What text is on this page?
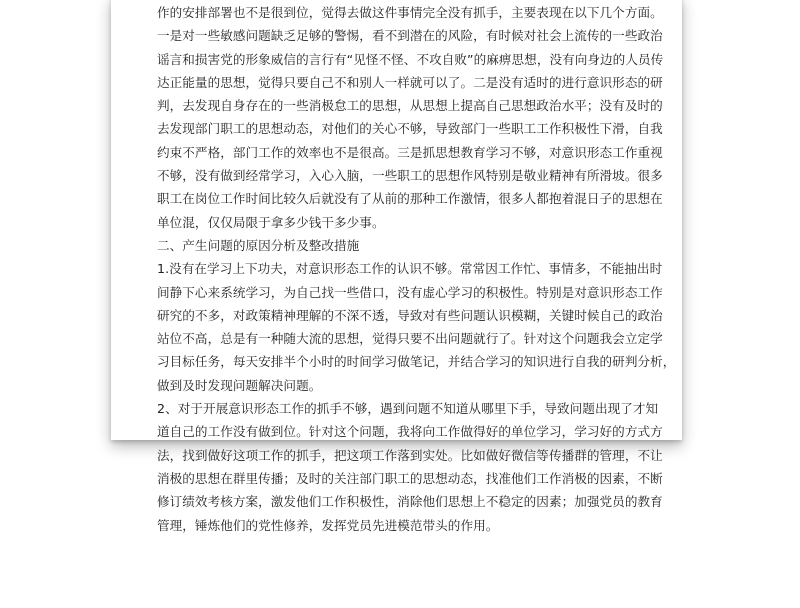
作的安排部署也不是很到位，觉得去做这件事情完全没有抓手，主要表现在以下几个方面。
一是对一些敏感问题缺乏足够的警惕，看不到潜在的风险，有时候对社会上流传的一些政治
谣言和损害党的形象威信的言行有“见怪不怪、不攻自败”的麻痹思想，没有向身边的人员传
达正能量的思想，觉得只要自己不和别人一样就可以了。二是没有适时的进行意识形态的研
判，去发现自身存在的一些消极怠工的思想，从思想上提高自己思想政治水平；没有及时的
去发现部门职工的思想动态，对他们的关心不够，导致部门一些职工工作积极性下滑，自我
约束不严格，部门工作的效率也不是很高。三是抓思想教育学习不够，对意识形态工作重视
不够，没有做到经常学习，入心入脑，一些职工的思想作风特别是敬业精神有所滑坡。很多
职工在岗位工作时间比较久后就没有了从前的那种工作激情，很多人都抱着混日子的思想在
单位混，仅仅局限于拿多少钱干多少事。
二、产生问题的原因分析及整改措施
1.没有在学习上下功夫，对意识形态工作的认识不够。常常因工作忙、事情多，不能抽出时
间静下心来系统学习，为自己找一些借口，没有虚心学习的积极性。特别是对意识形态工作
研究的不多，对政策精神理解的不深不透，导致对有些问题认识模糊，关键时候自己的政治
站位不高，总是有一种随大流的思想，觉得只要不出问题就行了。针对这个问题我会立定学
习目标任务，每天安排半个小时的时间学习做笔记，并结合学习的知识进行自我的研判分析，
做到及时发现问题解决问题。
2、对于开展意识形态工作的抓手不够，遇到问题不知道从哪里下手，导致问题出现了才知
道自己的工作没有做到位。针对这个问题，我将向工作做得好的单位学习，学习好的方式方
法，找到做好这项工作的抓手，把这项工作落到实处。比如做好微信等传播群的管理，不让
消极的思想在群里传播；及时的关注部门职工的思想动态，找准他们工作消极的因素，不断
修订绩效考核方案，激发他们工作积极性，消除他们思想上不稳定的因素；加强党员的教育
管理，锤炼他们的党性修养，发挥党员先进模范带头的作用。
